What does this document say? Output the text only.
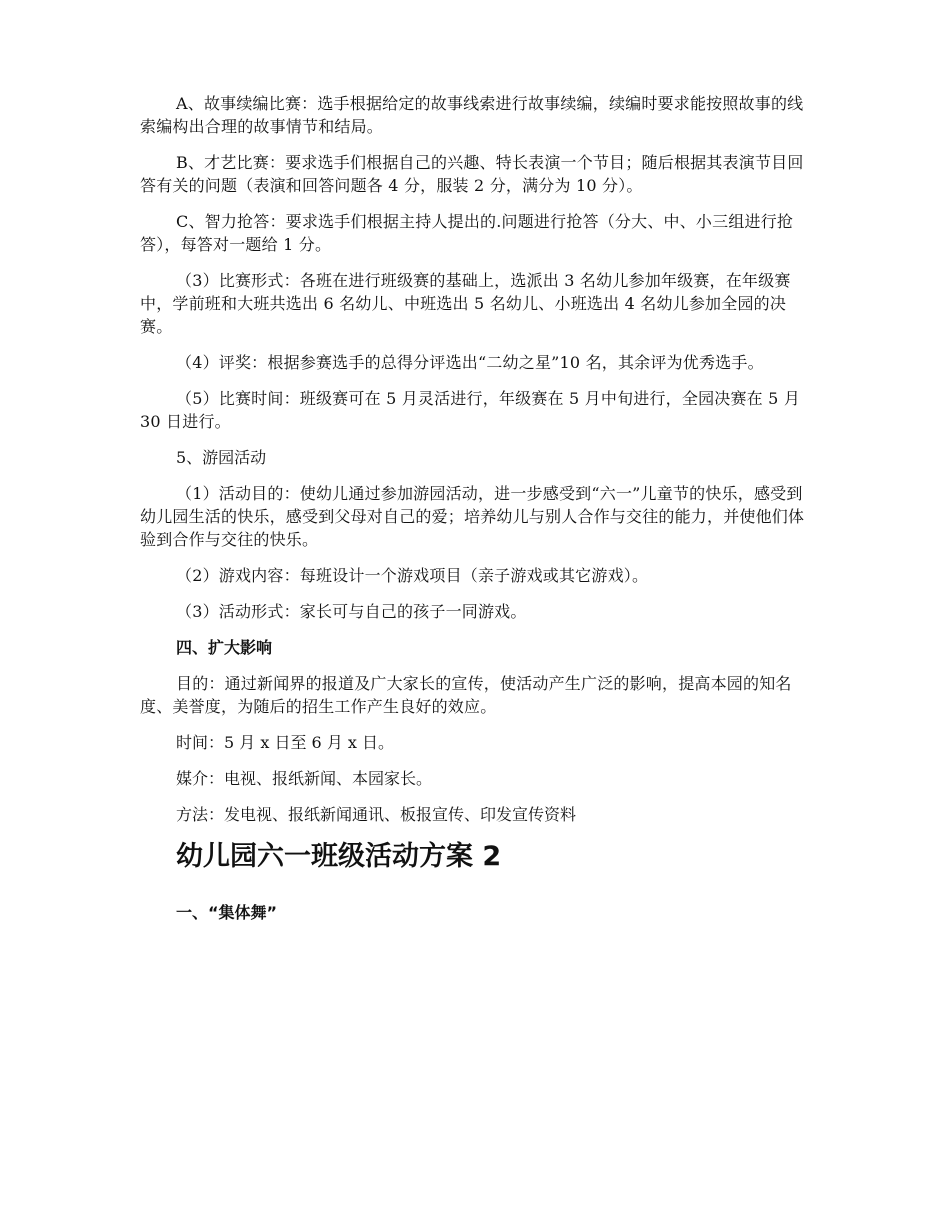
A、故事续编比赛：选手根据给定的故事线索进行故事续编，续编时要求能按照故事的线索编构出合理的故事情节和结局。

B、才艺比赛：要求选手们根据自己的兴趣、特长表演一个节目；随后根据其表演节目回答有关的问题（表演和回答问题各 4 分，服装 2 分，满分为 10 分）。

C、智力抢答：要求选手们根据主持人提出的.问题进行抢答（分大、中、小三组进行抢答），每答对一题给 1 分。

（3）比赛形式：各班在进行班级赛的基础上，选派出 3 名幼儿参加年级赛，在年级赛中，学前班和大班共选出 6 名幼儿、中班选出 5 名幼儿、小班选出 4 名幼儿参加全园的决赛。

（4）评奖：根据参赛选手的总得分评选出“二幼之星”10 名，其余评为优秀选手。

（5）比赛时间：班级赛可在 5 月灵活进行，年级赛在 5 月中旬进行，全园决赛在 5 月 30 日进行。

5、游园活动

（1）活动目的：使幼儿通过参加游园活动，进一步感受到“六一”儿童节的快乐，感受到幼儿园生活的快乐，感受到父母对自己的爱；培养幼儿与别人合作与交往的能力，并使他们体验到合作与交往的快乐。

（2）游戏内容：每班设计一个游戏项目（亲子游戏或其它游戏）。

（3）活动形式：家长可与自己的孩子一同游戏。

四、扩大影响

目的：通过新闻界的报道及广大家长的宣传，使活动产生广泛的影响，提高本园的知名度、美誉度，为随后的招生工作产生良好的效应。

时间：5 月 x 日至 6 月 x 日。

媒介：电视、报纸新闻、本园家长。

方法：发电视、报纸新闻通讯、板报宣传、印发宣传资料

幼儿园六一班级活动方案 2

一、“集体舞”
